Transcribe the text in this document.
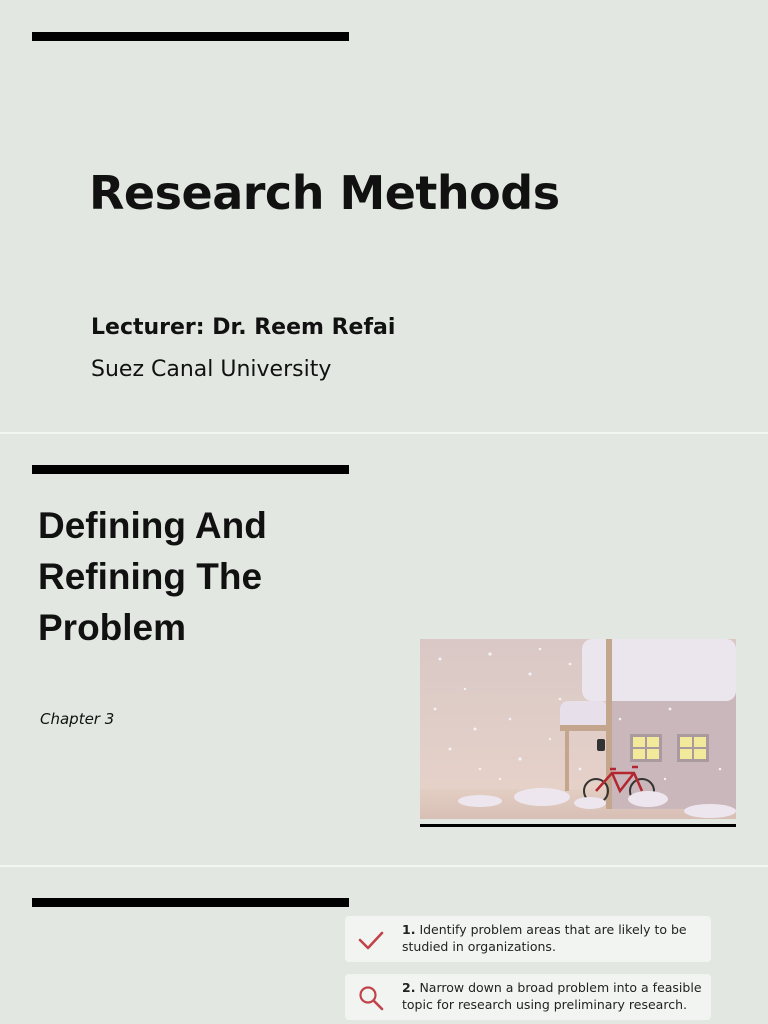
Research Methods
Lecturer: Dr. Reem Refai
Suez Canal University
Defining And
Refining The
Problem
Chapter 3
1. Identify problem areas that are likely to be studied in organizations.
2. Narrow down a broad problem into a feasible topic for research using preliminary research.
